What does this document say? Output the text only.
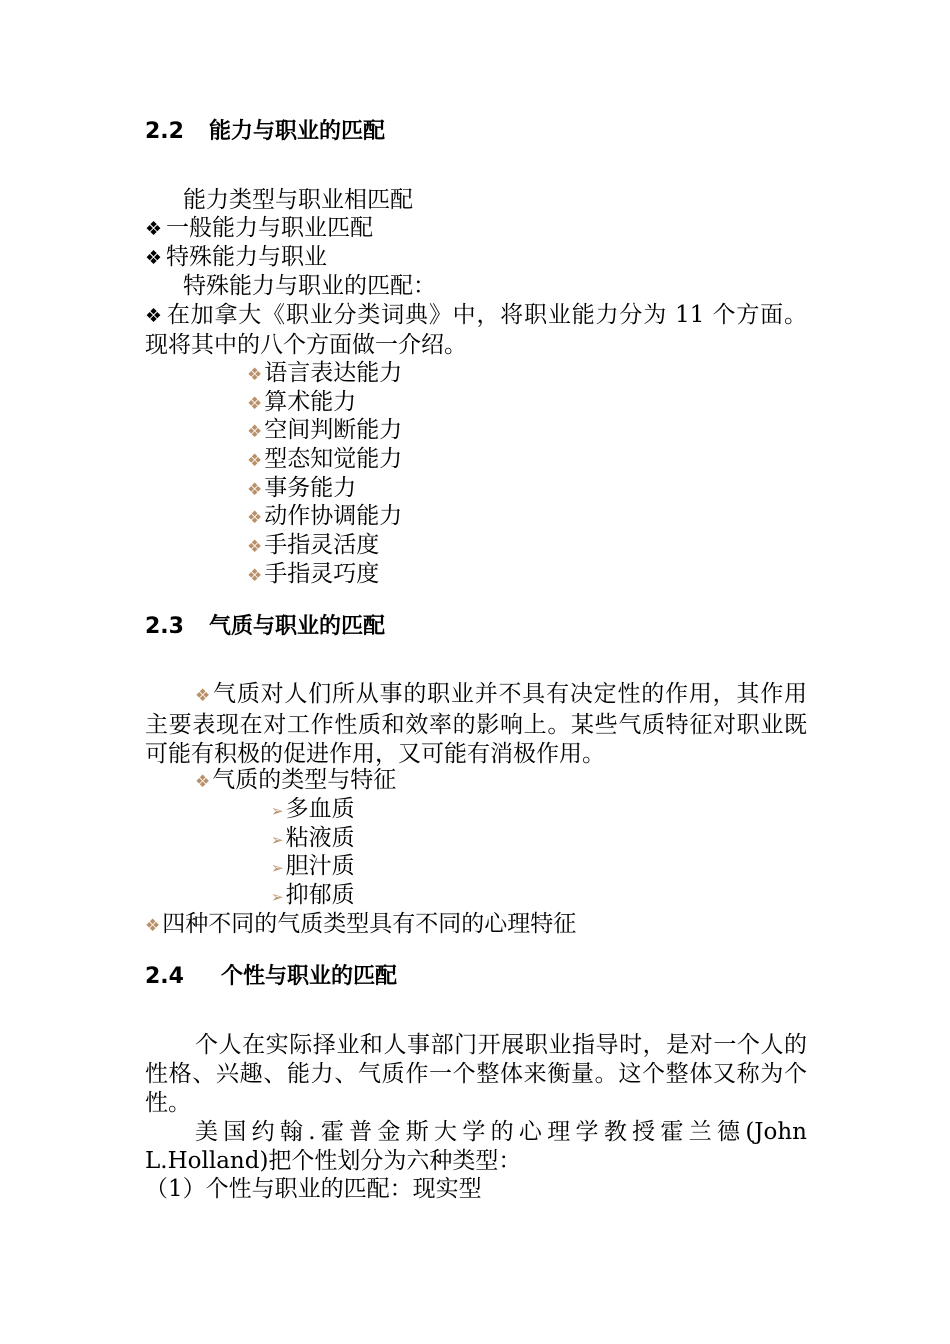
2.2 能力与职业的匹配

能力类型与职业相匹配

❖ 一般能力与职业匹配

❖ 特殊能力与职业

特殊能力与职业的匹配：

❖ 在加拿大《职业分类词典》中，将职业能力分为 11 个方面。现将其中的八个方面做一介绍。

❖语言表达能力

❖算术能力

❖空间判断能力

❖型态知觉能力

❖事务能力

❖动作协调能力

❖手指灵活度

❖手指灵巧度

2.3 气质与职业的匹配

❖气质对人们所从事的职业并不具有决定性的作用，其作用主要表现在对工作性质和效率的影响上。某些气质特征对职业既可能有积极的促进作用，又可能有消极作用。

❖气质的类型与特征

➢多血质

➢粘液质

➢胆汁质

➢抑郁质

❖四种不同的气质类型具有不同的心理特征

2.4 个性与职业的匹配

个人在实际择业和人事部门开展职业指导时，是对一个人的性格、兴趣、能力、气质作一个整体来衡量。这个整体又称为个性。

美国约翰.霍普金斯大学的心理学教授霍兰德(John L.Holland)把个性划分为六种类型：

（1）个性与职业的匹配：现实型
